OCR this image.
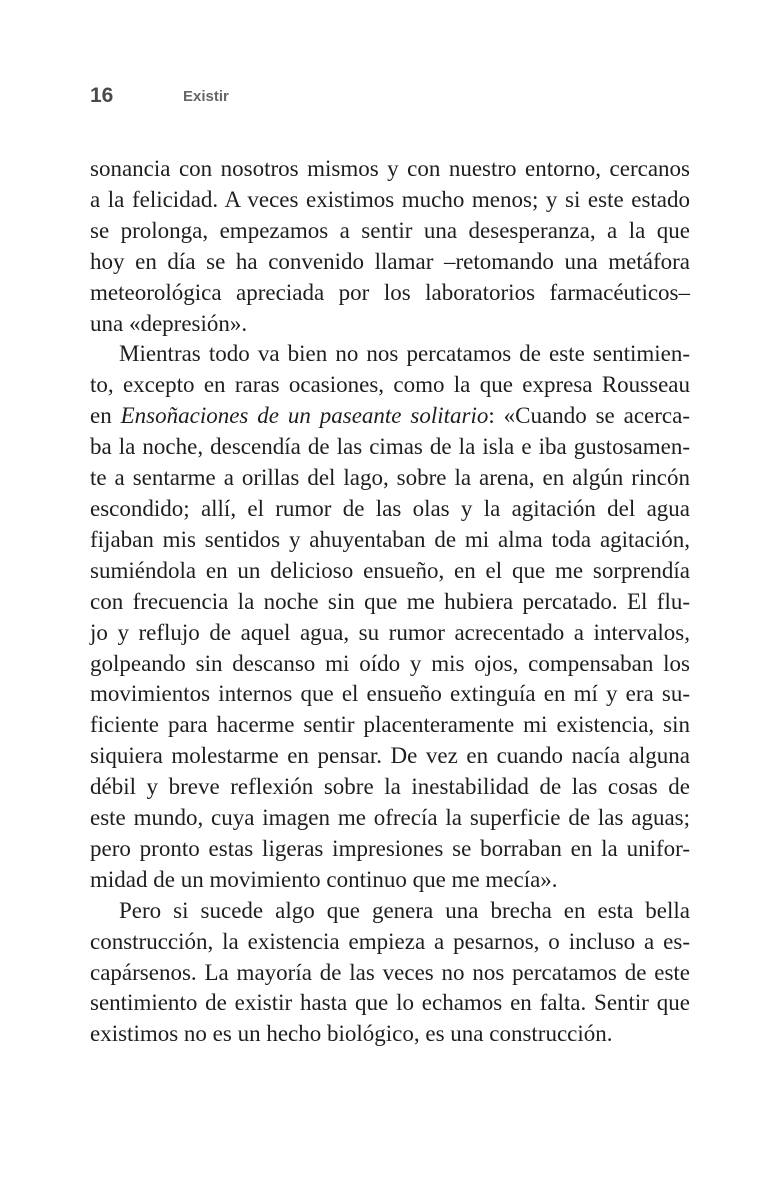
16	Existir

sonancia con nosotros mismos y con nuestro entorno, cercanos
a la felicidad. A veces existimos mucho menos; y si este estado
se prolonga, empezamos a sentir una desesperanza, a la que
hoy en día se ha convenido llamar –retomando una metáfora
meteorológica apreciada por los laboratorios farmacéuticos–
una «depresión».

Mientras todo va bien no nos percatamos de este sentimien-
to, excepto en raras ocasiones, como la que expresa Rousseau
en Ensoñaciones de un paseante solitario: «Cuando se acerca-
ba la noche, descendía de las cimas de la isla e iba gustosamen-
te a sentarme a orillas del lago, sobre la arena, en algún rincón
escondido; allí, el rumor de las olas y la agitación del agua
fijaban mis sentidos y ahuyentaban de mi alma toda agitación,
sumiéndola en un delicioso ensueño, en el que me sorprendía
con frecuencia la noche sin que me hubiera percatado. El flu-
jo y reflujo de aquel agua, su rumor acrecentado a intervalos,
golpeando sin descanso mi oído y mis ojos, compensaban los
movimientos internos que el ensueño extinguía en mí y era su-
ficiente para hacerme sentir placenteramente mi existencia, sin
siquiera molestarme en pensar. De vez en cuando nacía alguna
débil y breve reflexión sobre la inestabilidad de las cosas de
este mundo, cuya imagen me ofrecía la superficie de las aguas;
pero pronto estas ligeras impresiones se borraban en la unifor-
midad de un movimiento continuo que me mecía».

Pero si sucede algo que genera una brecha en esta bella
construcción, la existencia empieza a pesarnos, o incluso a es-
capársenos. La mayoría de las veces no nos percatamos de este
sentimiento de existir hasta que lo echamos en falta. Sentir que
existimos no es un hecho biológico, es una construcción.
